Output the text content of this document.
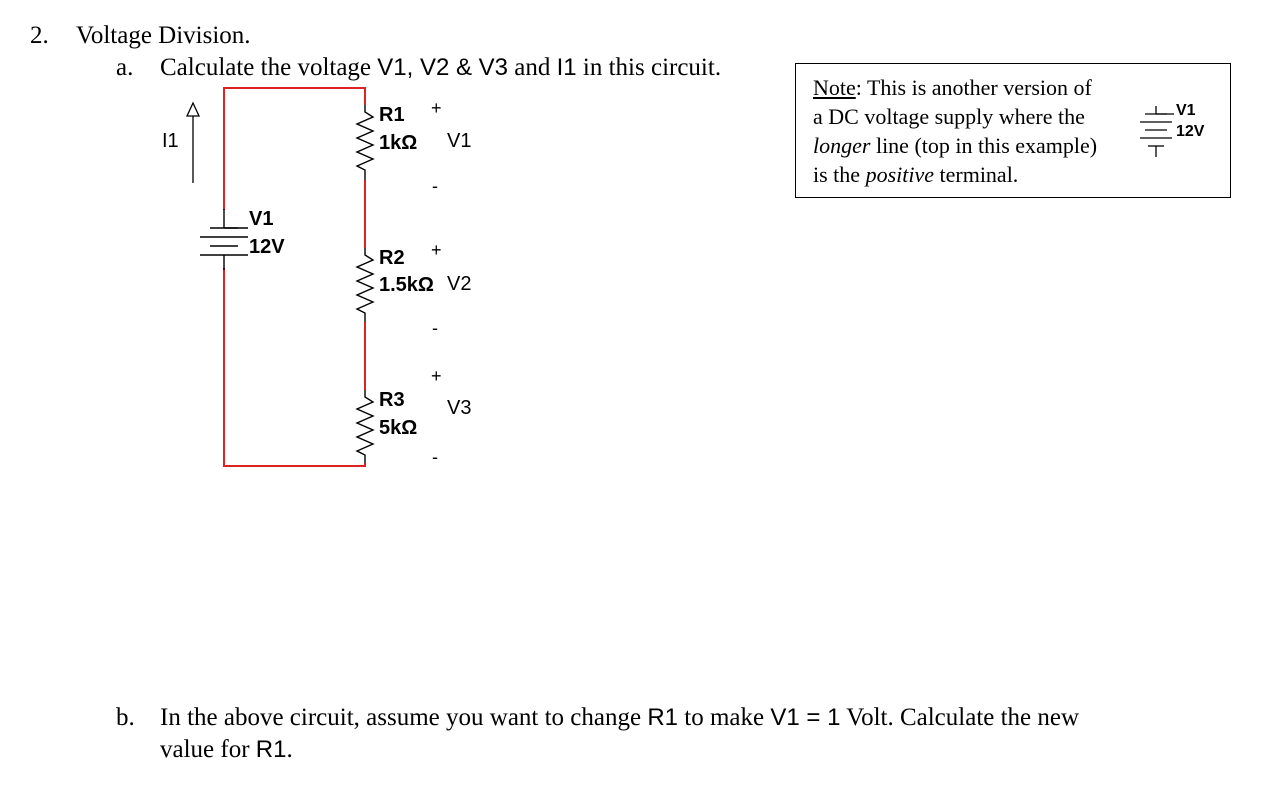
2. Voltage Division.
a. Calculate the voltage V1, V2 & V3 and I1 in this circuit.
I1
V1
12V
R1
1kΩ
R2
1.5kΩ
R3
5kΩ
+
V1
-
+
V2
-
+
V3
-
V1
12V
Note: This is another version of
a DC voltage supply where the
longer line (top in this example)
is the positive terminal.
b. In the above circuit, assume you want to change R1 to make V1 = 1 Volt. Calculate the new
value for R1.
